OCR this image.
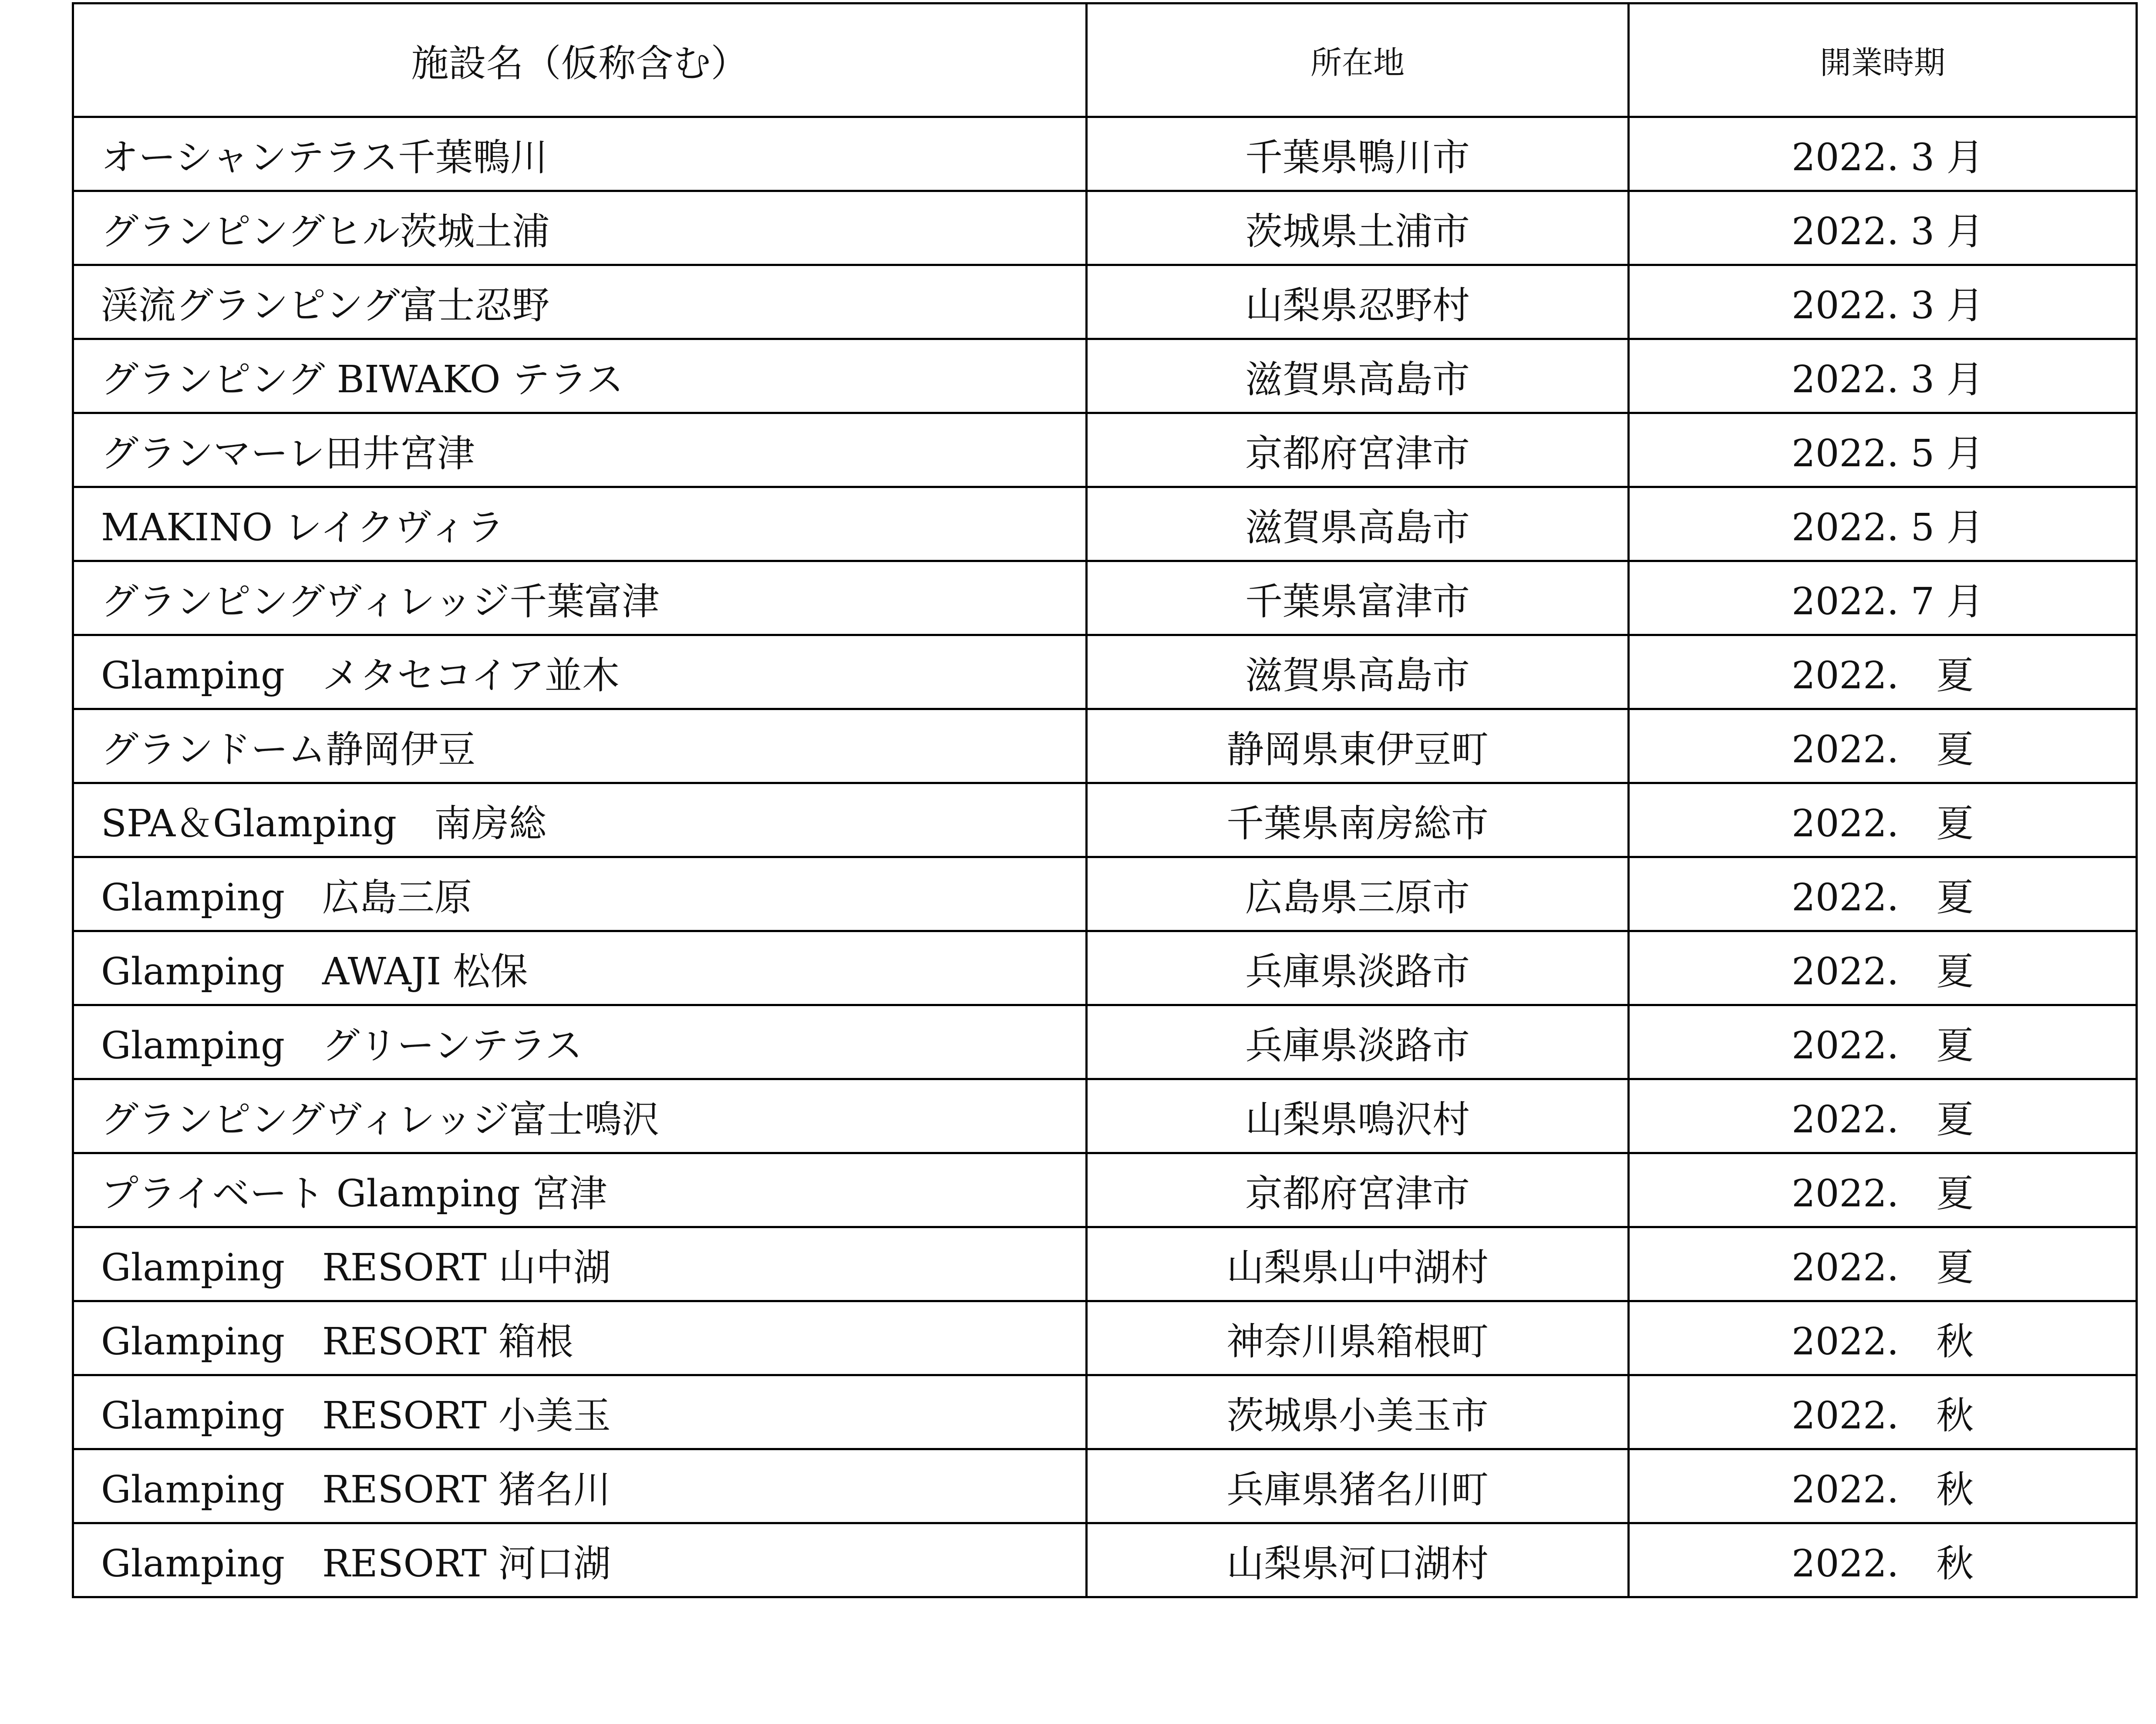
施設名（仮称含む）	所在地	開業時期
オーシャンテラス千葉鴨川	千葉県鴨川市	2022. 3 月
グランピングヒル茨城土浦	茨城県土浦市	2022. 3 月
渓流グランピング富士忍野	山梨県忍野村	2022. 3 月
グランピング BIWAKO テラス	滋賀県高島市	2022. 3 月
グランマーレ田井宮津	京都府宮津市	2022. 5 月
MAKINO レイクヴィラ	滋賀県高島市	2022. 5 月
グランピングヴィレッジ千葉富津	千葉県富津市	2022. 7 月
Glamping　メタセコイア並木	滋賀県高島市	2022.　夏
グランドーム静岡伊豆	静岡県東伊豆町	2022.　夏
SPA＆Glamping　南房総	千葉県南房総市	2022.　夏
Glamping　広島三原	広島県三原市	2022.　夏
Glamping　AWAJI 松保	兵庫県淡路市	2022.　夏
Glamping　グリーンテラス	兵庫県淡路市	2022.　夏
グランピングヴィレッジ富士鳴沢	山梨県鳴沢村	2022.　夏
プライベート Glamping 宮津	京都府宮津市	2022.　夏
Glamping　RESORT 山中湖	山梨県山中湖村	2022.　夏
Glamping　RESORT 箱根	神奈川県箱根町	2022.　秋
Glamping　RESORT 小美玉	茨城県小美玉市	2022.　秋
Glamping　RESORT 猪名川	兵庫県猪名川町	2022.　秋
Glamping　RESORT 河口湖	山梨県河口湖村	2022.　秋
